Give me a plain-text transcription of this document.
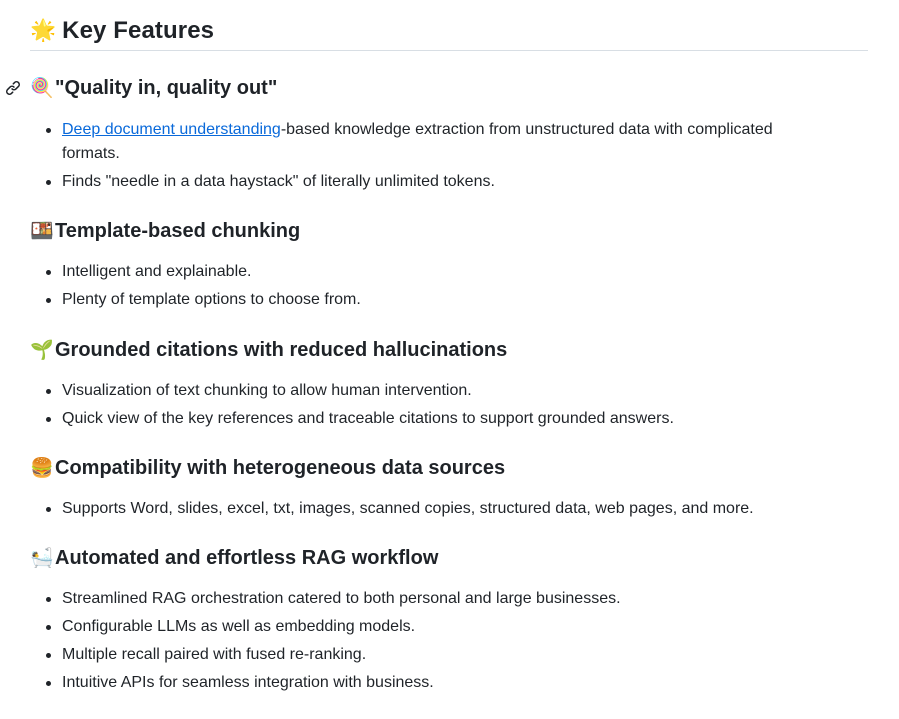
🌟 Key Features
🍭 "Quality in, quality out"
Deep document understanding-based knowledge extraction from unstructured data with complicated formats.
Finds "needle in a data haystack" of literally unlimited tokens.
🍱 Template-based chunking
Intelligent and explainable.
Plenty of template options to choose from.
🌱 Grounded citations with reduced hallucinations
Visualization of text chunking to allow human intervention.
Quick view of the key references and traceable citations to support grounded answers.
🍔 Compatibility with heterogeneous data sources
Supports Word, slides, excel, txt, images, scanned copies, structured data, web pages, and more.
🛀 Automated and effortless RAG workflow
Streamlined RAG orchestration catered to both personal and large businesses.
Configurable LLMs as well as embedding models.
Multiple recall paired with fused re-ranking.
Intuitive APIs for seamless integration with business.
